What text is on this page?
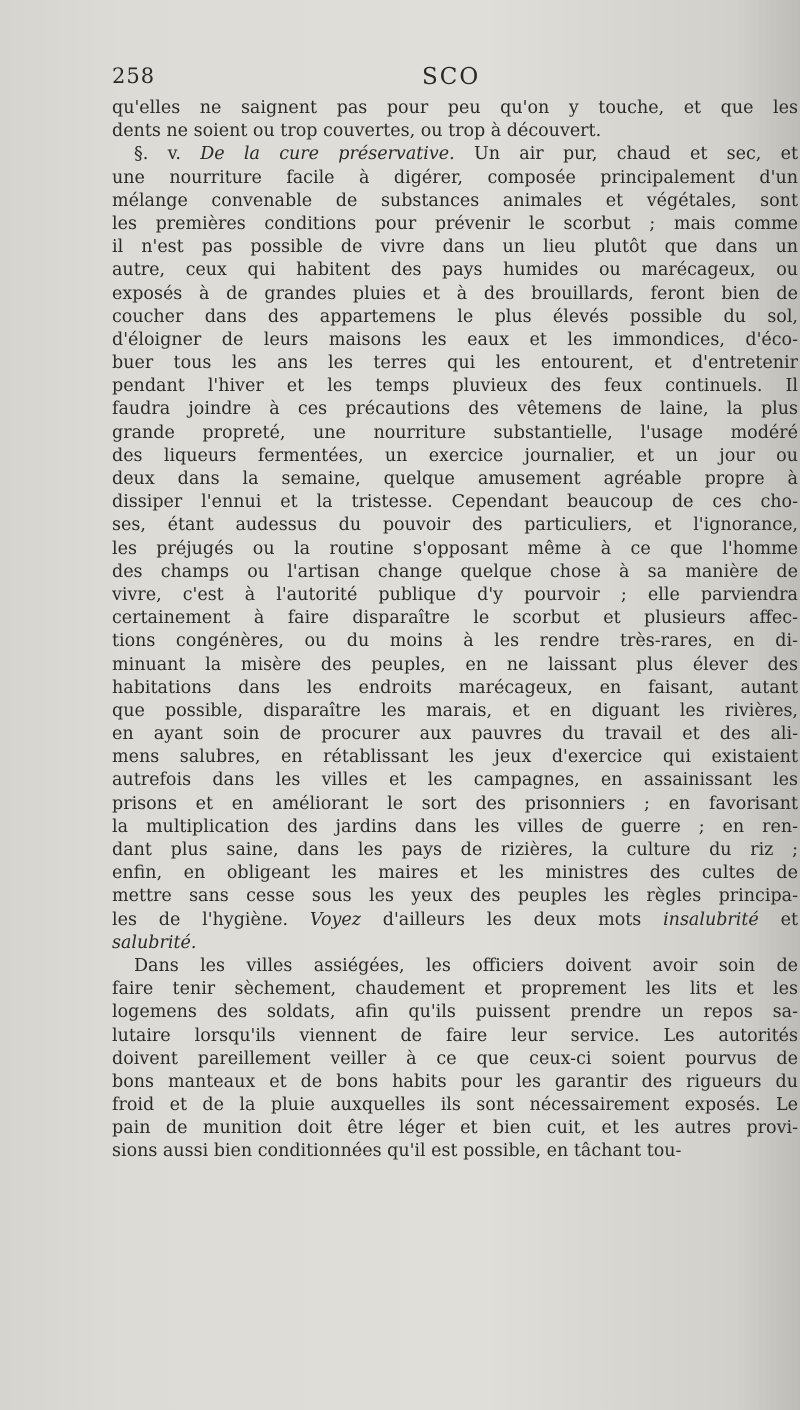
258	SCO
qu'elles ne saignent pas pour peu qu'on y touche, et que les
dents ne soient ou trop couvertes, ou trop à découvert.
§. v. De la cure préservative. Un air pur, chaud et sec, et
une nourriture facile à digérer, composée principalement d'un
mélange convenable de substances animales et végétales, sont
les premières conditions pour prévenir le scorbut ; mais comme
il n'est pas possible de vivre dans un lieu plutôt que dans un
autre, ceux qui habitent des pays humides ou marécageux, ou
exposés à de grandes pluies et à des brouillards, feront bien de
coucher dans des appartemens le plus élevés possible du sol,
d'éloigner de leurs maisons les eaux et les immondices, d'éco-
buer tous les ans les terres qui les entourent, et d'entretenir
pendant l'hiver et les temps pluvieux des feux continuels. Il
faudra joindre à ces précautions des vêtemens de laine, la plus
grande propreté, une nourriture substantielle, l'usage modéré
des liqueurs fermentées, un exercice journalier, et un jour ou
deux dans la semaine, quelque amusement agréable propre à
dissiper l'ennui et la tristesse. Cependant beaucoup de ces cho-
ses, étant audessus du pouvoir des particuliers, et l'ignorance,
les préjugés ou la routine s'opposant même à ce que l'homme
des champs ou l'artisan change quelque chose à sa manière de
vivre, c'est à l'autorité publique d'y pourvoir ; elle parviendra
certainement à faire disparaître le scorbut et plusieurs affec-
tions congénères, ou du moins à les rendre très-rares, en di-
minuant la misère des peuples, en ne laissant plus élever des
habitations dans les endroits marécageux, en faisant, autant
que possible, disparaître les marais, et en diguant les rivières,
en ayant soin de procurer aux pauvres du travail et des ali-
mens salubres, en rétablissant les jeux d'exercice qui existaient
autrefois dans les villes et les campagnes, en assainissant les
prisons et en améliorant le sort des prisonniers ; en favorisant
la multiplication des jardins dans les villes de guerre ; en ren-
dant plus saine, dans les pays de rizières, la culture du riz ;
enfin, en obligeant les maires et les ministres des cultes de
mettre sans cesse sous les yeux des peuples les règles principa-
les de l'hygiène. Voyez d'ailleurs les deux mots insalubrité et
salubrité.
Dans les villes assiégées, les officiers doivent avoir soin de
faire tenir sèchement, chaudement et proprement les lits et les
logemens des soldats, afin qu'ils puissent prendre un repos sa-
lutaire lorsqu'ils viennent de faire leur service. Les autorités
doivent pareillement veiller à ce que ceux-ci soient pourvus de
bons manteaux et de bons habits pour les garantir des rigueurs du
froid et de la pluie auxquelles ils sont nécessairement exposés. Le
pain de munition doit être léger et bien cuit, et les autres provi-
sions aussi bien conditionnées qu'il est possible, en tâchant tou-
